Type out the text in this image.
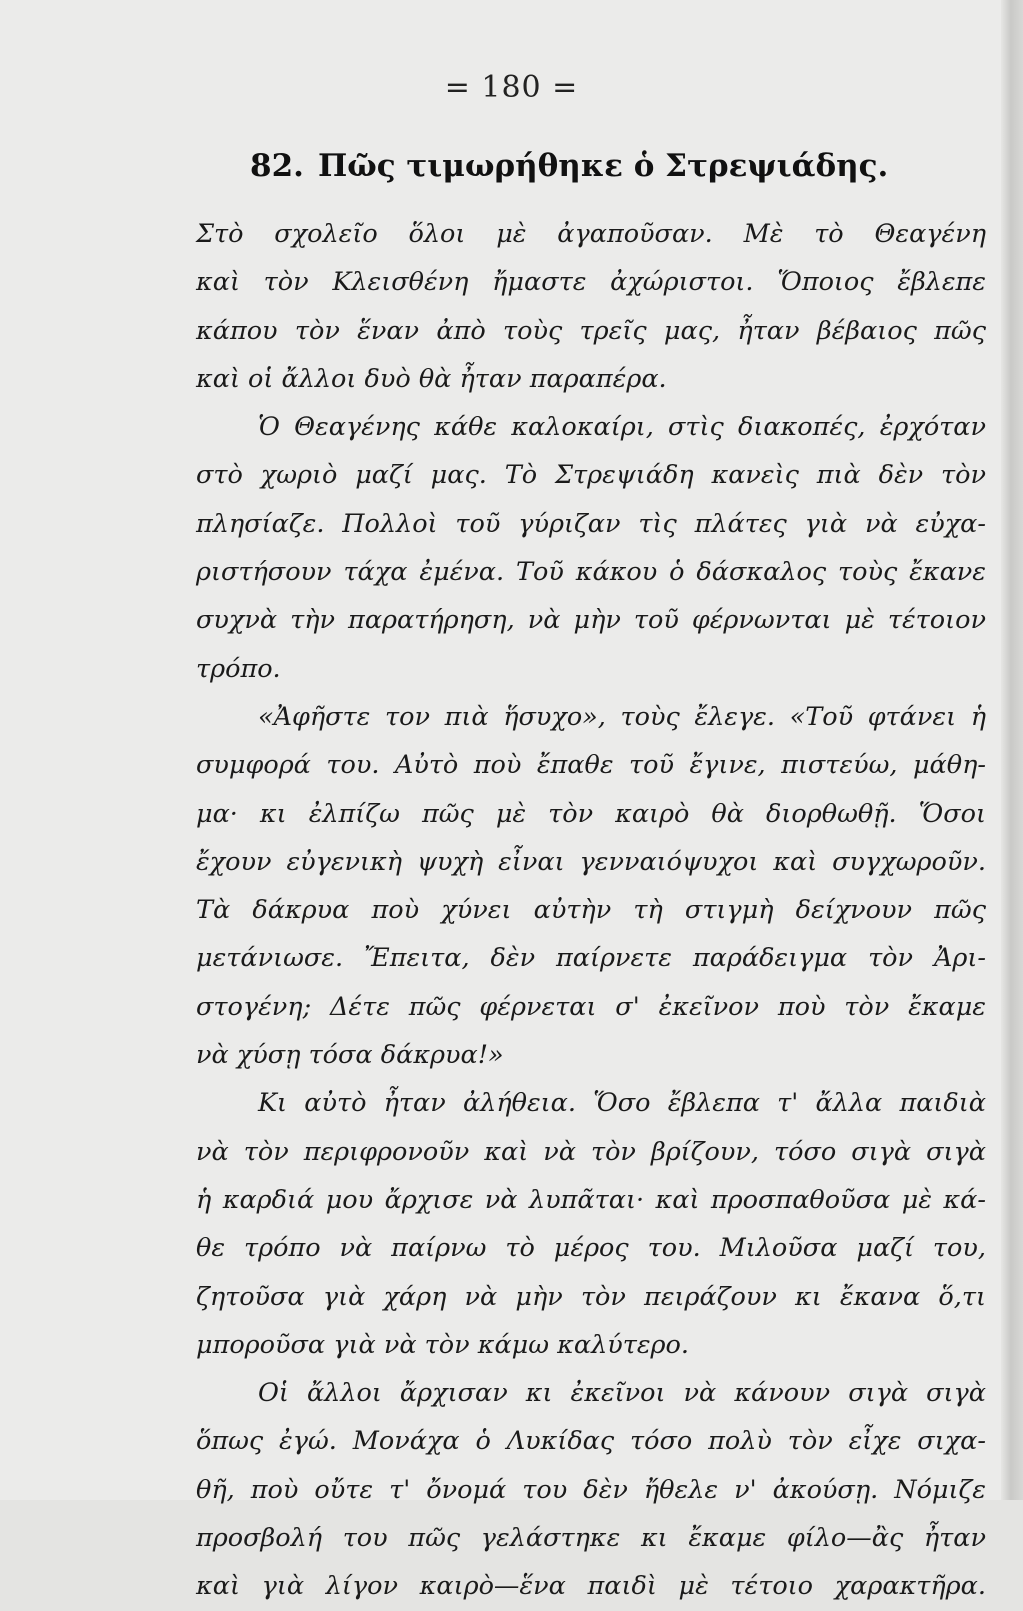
= 180 =
82. Πῶς τιμωρήθηκε ὁ Στρεψιάδης.
Στὸ σχολεῖο ὅλοι μὲ ἀγαποῦσαν. Μὲ τὸ Θεαγένη
καὶ τὸν Κλεισθένη ἤμαστε ἀχώριστοι. Ὅποιος ἔβλεπε
κάπου τὸν ἕναν ἀπὸ τοὺς τρεῖς μας, ἦταν βέβαιος πῶς
καὶ οἱ ἄλλοι δυὸ θὰ ἦταν παραπέρα.
Ὁ Θεαγένης κάθε καλοκαίρι, στὶς διακοπές, ἐρχόταν
στὸ χωριὸ μαζί μας. Τὸ Στρεψιάδη κανεὶς πιὰ δὲν τὸν
πλησίαζε. Πολλοὶ τοῦ γύριζαν τὶς πλάτες γιὰ νὰ εὐχα-
ριστήσουν τάχα ἐμένα. Τοῦ κάκου ὁ δάσκαλος τοὺς ἔκανε
συχνὰ τὴν παρατήρηση, νὰ μὴν τοῦ φέρνωνται μὲ τέτοιον
τρόπο.
«Ἀφῆστε τον πιὰ ἥσυχο», τοὺς ἔλεγε. «Τοῦ φτάνει ἡ
συμφορά του. Αὐτὸ ποὺ ἔπαθε τοῦ ἔγινε, πιστεύω, μάθη-
μα· κι ἐλπίζω πῶς μὲ τὸν καιρὸ θὰ διορθωθῇ. Ὅσοι
ἔχουν εὐγενικὴ ψυχὴ εἶναι γενναιόψυχοι καὶ συγχωροῦν.
Τὰ δάκρυα ποὺ χύνει αὐτὴν τὴ στιγμὴ δείχνουν πῶς
μετάνιωσε. Ἔπειτα, δὲν παίρνετε παράδειγμα τὸν Ἀρι-
στογένη; Δέτε πῶς φέρνεται σ' ἐκεῖνον ποὺ τὸν ἔκαμε
νὰ χύσῃ τόσα δάκρυα!»
Κι αὐτὸ ἦταν ἀλήθεια. Ὅσο ἔβλεπα τ' ἄλλα παιδιὰ
νὰ τὸν περιφρονοῦν καὶ νὰ τὸν βρίζουν, τόσο σιγὰ σιγὰ
ἡ καρδιά μου ἄρχισε νὰ λυπᾶται· καὶ προσπαθοῦσα μὲ κά-
θε τρόπο νὰ παίρνω τὸ μέρος του. Μιλοῦσα μαζί του,
ζητοῦσα γιὰ χάρη νὰ μὴν τὸν πειράζουν κι ἔκανα ὅ,τι
μποροῦσα γιὰ νὰ τὸν κάμω καλύτερο.
Οἱ ἄλλοι ἄρχισαν κι ἐκεῖνοι νὰ κάνουν σιγὰ σιγὰ
ὅπως ἐγώ. Μονάχα ὁ Λυκίδας τόσο πολὺ τὸν εἶχε σιχα-
θῆ, ποὺ οὔτε τ' ὄνομά του δὲν ἤθελε ν' ἀκούσῃ. Νόμιζε
προσβολή του πῶς γελάστηκε κι ἔκαμε φίλο—ἂς ἦταν
καὶ γιὰ λίγον καιρὸ—ἕνα παιδὶ μὲ τέτοιο χαρακτῆρα.
